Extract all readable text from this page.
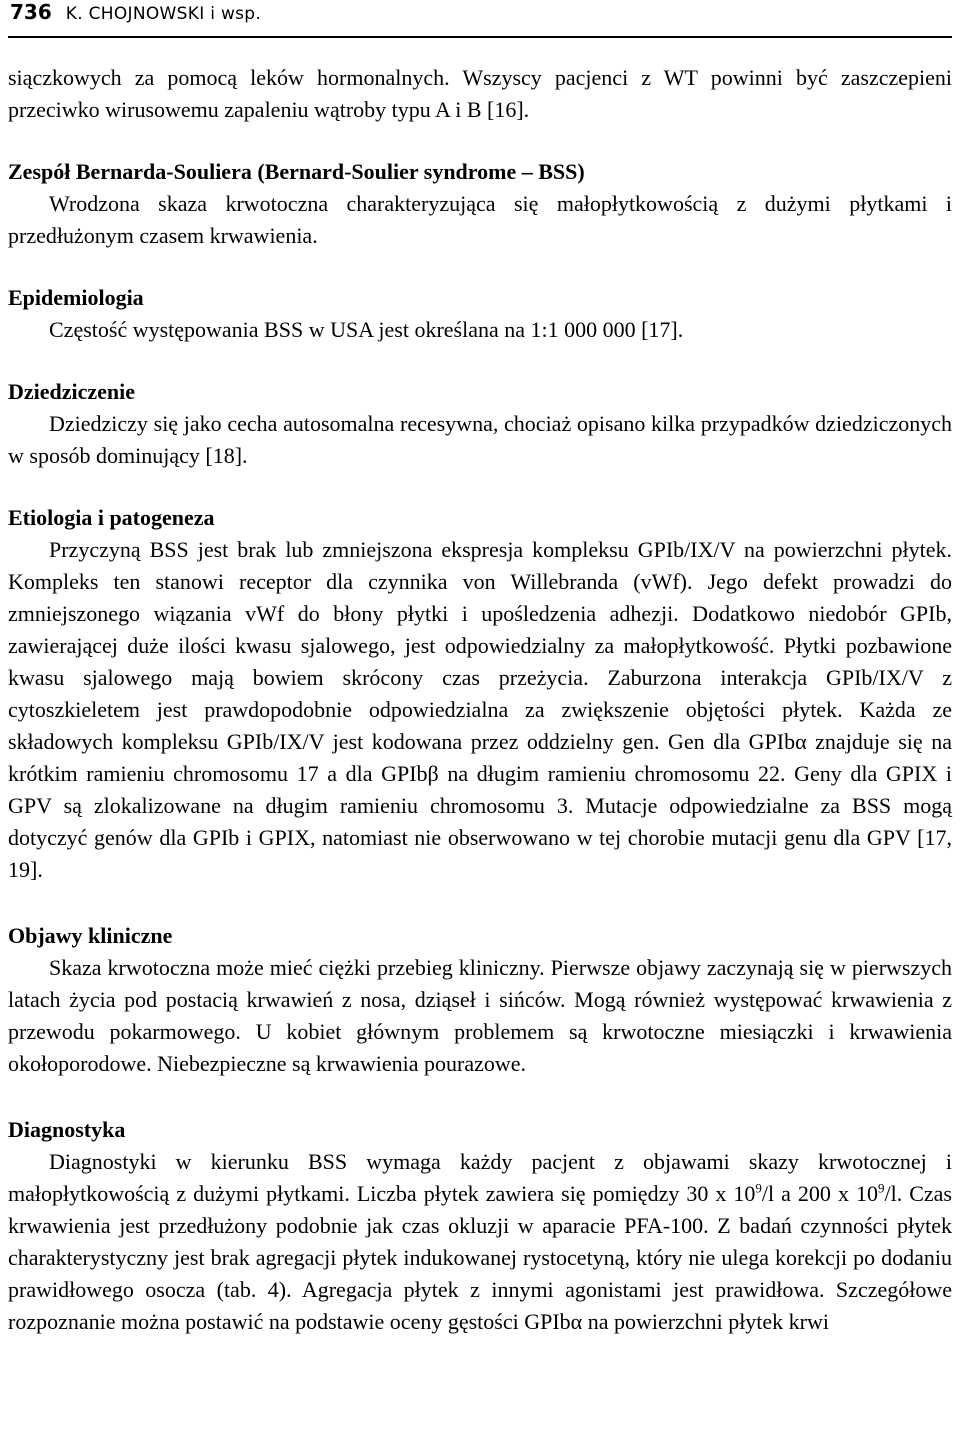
736 K. CHOJNOWSKI i wsp.

siączkowych za pomocą leków hormonalnych. Wszyscy pacjenci z WT powinni być zaszczepieni przeciwko wirusowemu zapaleniu wątroby typu A i B [16].

Zespół Bernarda-Souliera (Bernard-Soulier syndrome – BSS)

Wrodzona skaza krwotoczna charakteryzująca się małopłytkowością z dużymi płytkami i przedłużonym czasem krwawienia.

Epidemiologia

Częstość występowania BSS w USA jest określana na 1:1 000 000 [17].

Dziedziczenie

Dziedziczy się jako cecha autosomalna recesywna, chociaż opisano kilka przypadków dziedziczonych w sposób dominujący [18].

Etiologia i patogeneza

Przyczyną BSS jest brak lub zmniejszona ekspresja kompleksu GPIb/IX/V na powierzchni płytek. Kompleks ten stanowi receptor dla czynnika von Willebranda (vWf). Jego defekt prowadzi do zmniejszonego wiązania vWf do błony płytki i upośledzenia adhezji. Dodatkowo niedobór GPIb, zawierającej duże ilości kwasu sjalowego, jest odpowiedzialny za małopłytkowość. Płytki pozbawione kwasu sjalowego mają bowiem skrócony czas przeżycia. Zaburzona interakcja GPIb/IX/V z cytoszkieletem jest prawdopodobnie odpowiedzialna za zwiększenie objętości płytek. Każda ze składowych kompleksu GPIb/IX/V jest kodowana przez oddzielny gen. Gen dla GPIbα znajduje się na krótkim ramieniu chromosomu 17 a dla GPIbβ na długim ramieniu chromosomu 22. Geny dla GPIX i GPV są zlokalizowane na długim ramieniu chromosomu 3. Mutacje odpowiedzialne za BSS mogą dotyczyć genów dla GPIb i GPIX, natomiast nie obserwowano w tej chorobie mutacji genu dla GPV [17, 19].

Objawy kliniczne

Skaza krwotoczna może mieć ciężki przebieg kliniczny. Pierwsze objawy zaczynają się w pierwszych latach życia pod postacią krwawień z nosa, dziąseł i sińców. Mogą również występować krwawienia z przewodu pokarmowego. U kobiet głównym problemem są krwotoczne miesiączki i krwawienia okołoporodowe. Niebezpieczne są krwawienia pourazowe.

Diagnostyka

Diagnostyki w kierunku BSS wymaga każdy pacjent z objawami skazy krwotocznej i małopłytkowością z dużymi płytkami. Liczba płytek zawiera się pomiędzy 30 x $10^9/l$ a 200 x $10^9/l$. Czas krwawienia jest przedłużony podobnie jak czas okluzji w aparacie PFA-100. Z badań czynności płytek charakterystyczny jest brak agregacji płytek indukowanej rystocetyną, który nie ulega korekcji po dodaniu prawidłowego osocza (tab. 4). Agregacja płytek z innymi agonistami jest prawidłowa. Szczegółowe rozpoznanie można postawić na podstawie oceny gęstości GPIbα na powierzchni płytek krwi
